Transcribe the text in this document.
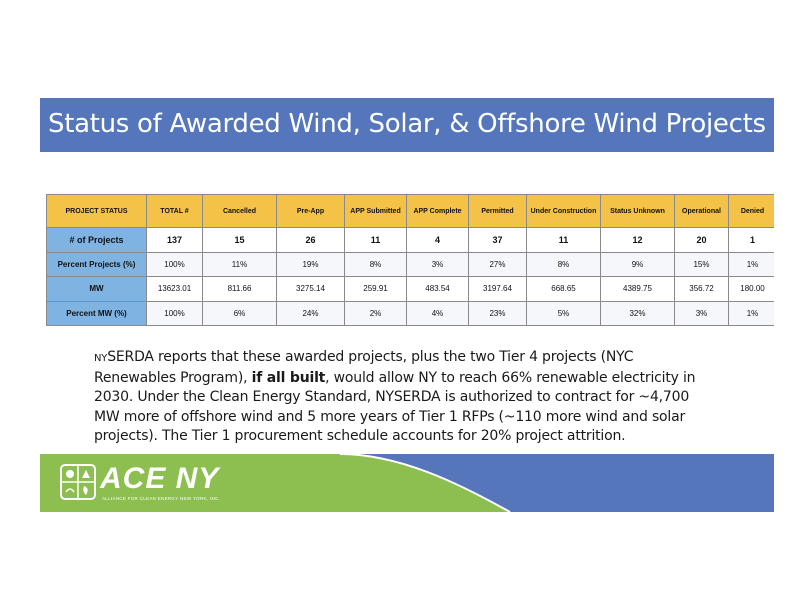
Status of Awarded Wind, Solar, & Offshore Wind Projects
PROJECT STATUS	TOTAL #	Cancelled	Pre-App	APP Submitted	APP Complete	Permitted	Under Construction	Status Unknown	Operational	Denied
# of Projects	137	15	26	11	4	37	11	12	20	1
Percent Projects (%)	100%	11%	19%	8%	3%	27%	8%	9%	15%	1%
MW	13623.01	811.66	3275.14	259.91	483.54	3197.64	668.65	4389.75	356.72	180.00
Percent MW (%)	100%	6%	24%	2%	4%	23%	5%	32%	3%	1%
NYSERDA reports that these awarded projects, plus the two Tier 4 projects (NYC Renewables Program), if all built, would allow NY to reach 66% renewable electricity in 2030. Under the Clean Energy Standard, NYSERDA is authorized to contract for ~4,700 MW more of offshore wind and 5 more years of Tier 1 RFPs (~110 more wind and solar projects). The Tier 1 procurement schedule accounts for 20% project attrition.
ACE NY
ALLIANCE FOR CLEAN ENERGY NEW YORK, INC.
